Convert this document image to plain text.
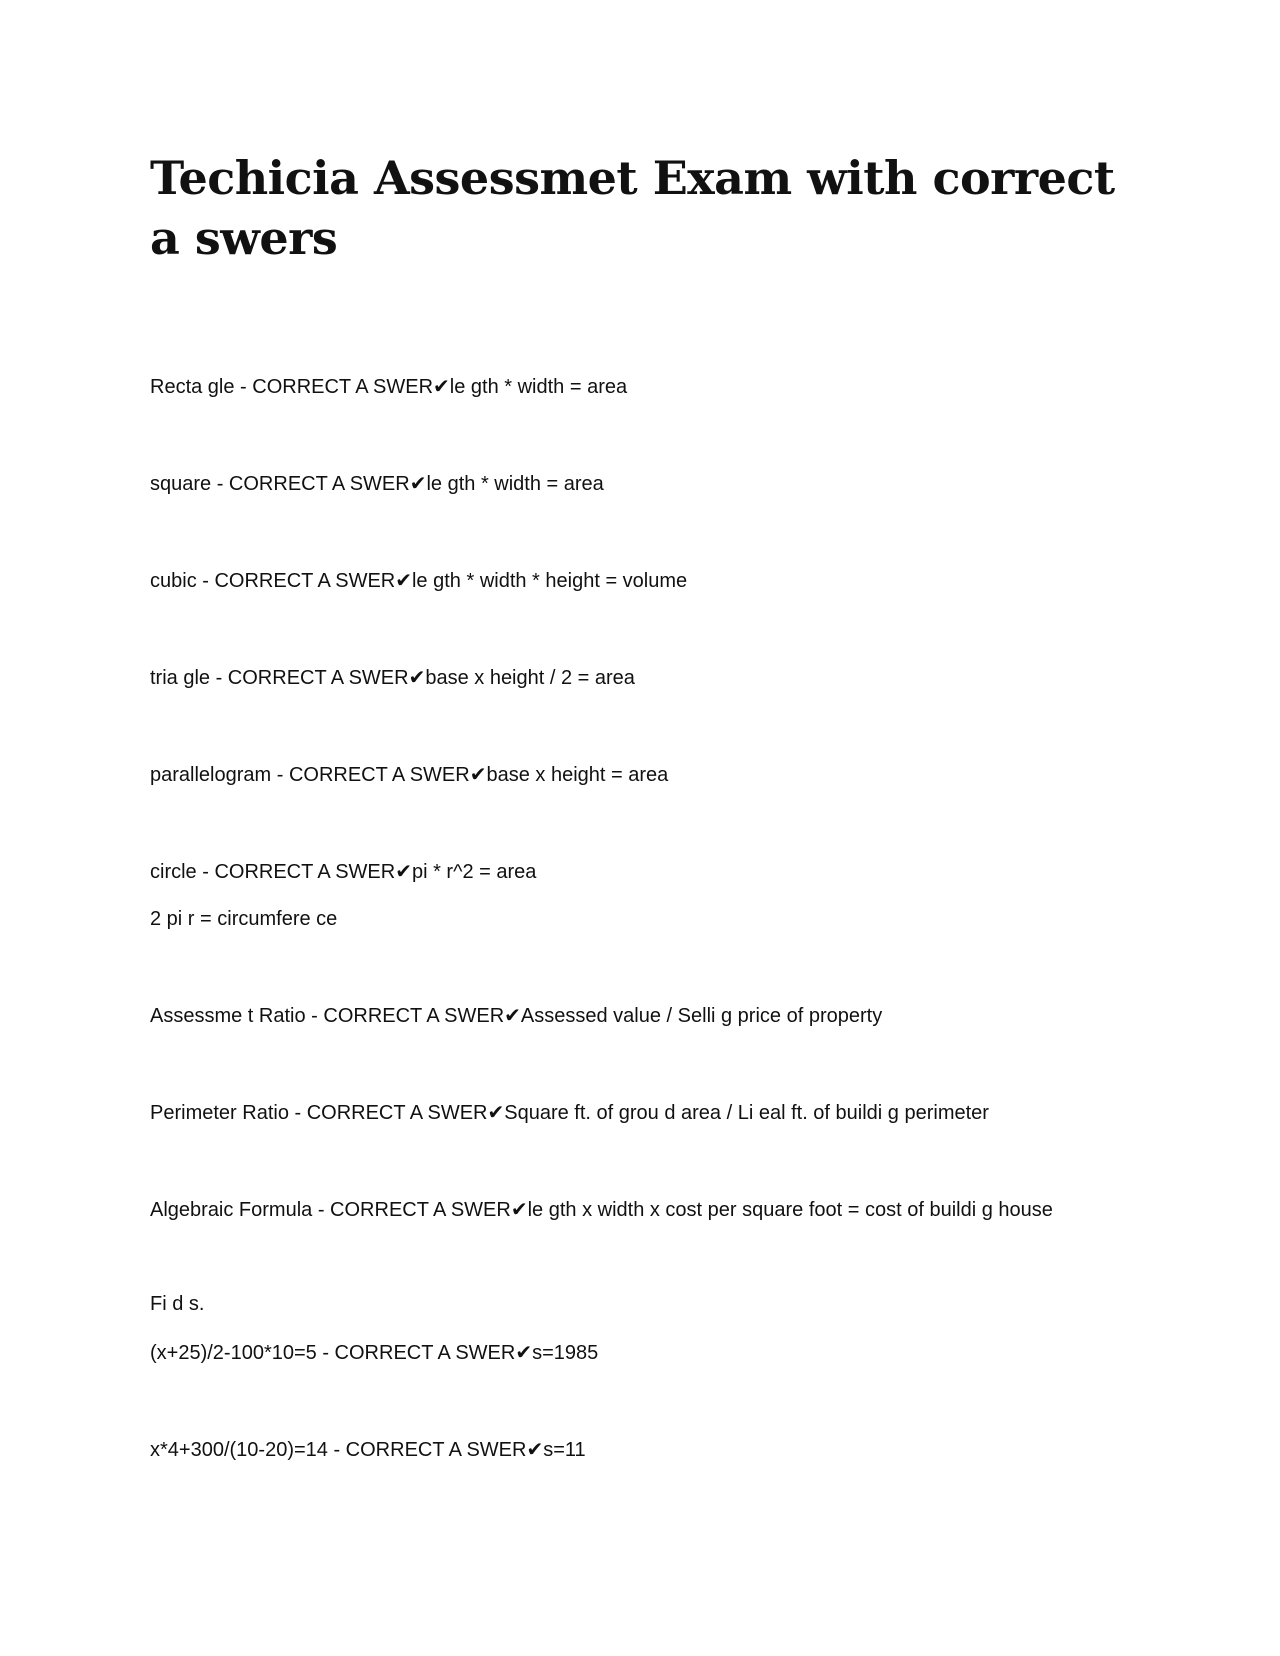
Techicia Assessmet Exam with correct a swers

Recta gle - CORRECT A SWER✔le gth * width = area

square - CORRECT A SWER✔le gth * width = area

cubic - CORRECT A SWER✔le gth * width * height = volume

tria gle - CORRECT A SWER✔base x height / 2 = area

parallelogram - CORRECT A SWER✔base x height = area

circle - CORRECT A SWER✔pi * r^2 = area

2 pi r = circumfere ce

Assessme t Ratio - CORRECT A SWER✔Assessed value / Selli g price of property

Perimeter Ratio - CORRECT A SWER✔Square ft. of grou d area / Li eal ft. of buildi g perimeter

Algebraic Formula - CORRECT A SWER✔le gth x width x cost per square foot = cost of buildi g house

Fi d s.

(x+25)/2-100*10=5 - CORRECT A SWER✔s=1985

x*4+300/(10-20)=14 - CORRECT A SWER✔s=11
